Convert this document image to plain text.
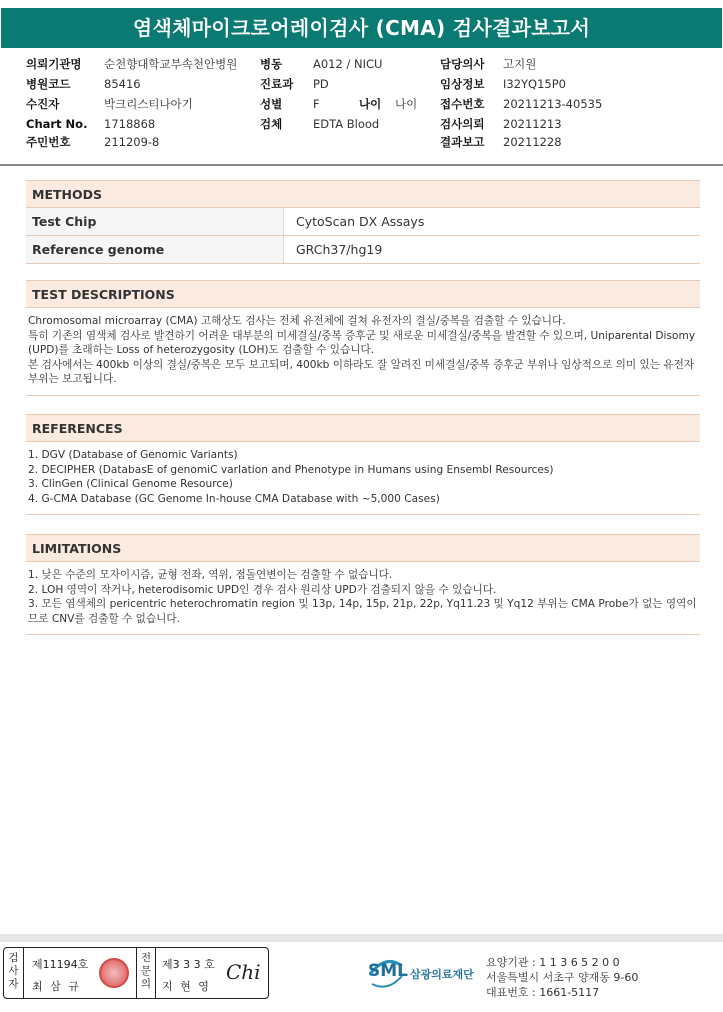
염색체마이크로어레이검사 (CMA) 검사결과보고서
의뢰기관명 순천향대학교부속천안병원 병동	A012 / NICU	담당의사 고지원
병원코드	85416	진료과 PD	임상정보 I32YQ15P0
수진자	박크리스티나아기	성별	F	나이 나이 접수번호 20211213-40535
Chart No. 1718868	검체	EDTA Blood	검사의뢰 20211213
주민번호	211209-8	결과보고 20211228
METHODS
Test Chip	CytoScan DX Assays
Reference genome	GRCh37/hg19
TEST DESCRIPTIONS

Chromosomal microarray (CMA) 고해상도 검사는 전체 유전체에 걸쳐 유전자의 결실/중복을 검출할 수 있습니다.

특히 기존의 염색체 검사로 발견하기 어려운 대부분의 미세결실/중복 증후군 및 새로운 미세결실/중복을 발견할 수 있으며, Uniparental Disomy (UPD)를 초래하는 Loss of heterozygosity (LOH)도 검출할 수 있습니다.

본 검사에서는 400kb 이상의 결실/중복은 모두 보고되며, 400kb 이하라도 잘 알려진 미세결실/중복 증후군 부위나 임상적으로 의미 있는 유전자 부위는 보고됩니다.

REFERENCES

1. DGV (Database of Genomic Variants)

2. DECIPHER (DatabasE of genomiC varIation and Phenotype in Humans using Ensembl Resources)

3. ClinGen (Clinical Genome Resource)

4. G-CMA Database (GC Genome In-house CMA Database with ~5,000 Cases)

LIMITATIONS

1. 낮은 수준의 모자이시즘, 균형 전좌, 역위, 점돌연변이는 검출할 수 없습니다.

2. LOH 영역이 작거나, heterodisomic UPD인 경우 검사 원리상 UPD가 검출되지 않을 수 있습니다.

3. 모든 염색체의 pericentric heterochromatin region 및 13p, 14p, 15p, 21p, 22p, Yq11.23 및 Yq12 부위는 CMA Probe가 없는 영역이므로 CNV를 검출할 수 없습니다.

검사자
제11194호
최 삼 규
전문의
제3 3 3 호
지 현 영
Chi	SML 삼광의료재단
요양기관 : 1 1 3 6 5 2 0 0
서울특별시 서초구 양재동 9-60
대표번호 : 1661-5117
